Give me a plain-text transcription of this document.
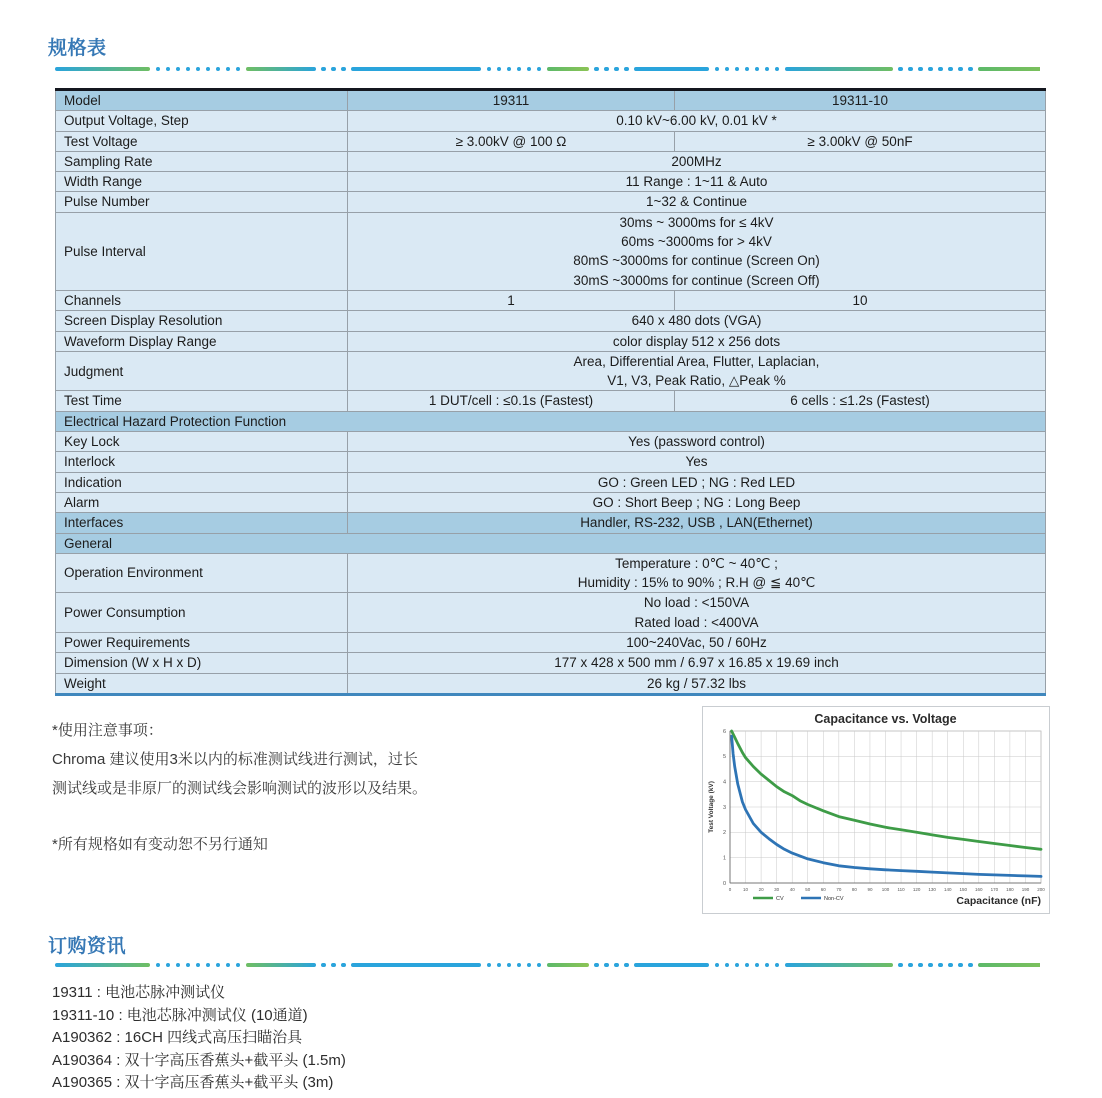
规格表
Model	19311	19311-10
Output Voltage, Step	0.10 kV~6.00 kV, 0.01 kV *	
Test Voltage	≥ 3.00kV @ 100 Ω	≥ 3.00kV @ 50nF
Sampling Rate	200MHz	
Width Range	11 Range : 1~11 & Auto	
Pulse Number	1~32 & Continue	
Pulse Interval	30ms ~ 3000ms for ≤ 4kV
60ms ~3000ms for > 4kV
80mS ~3000ms for continue (Screen On)
30mS ~3000ms for continue (Screen Off)	
Channels	1	10
Screen Display Resolution	640 x 480 dots (VGA)	
Waveform Display Range	color display 512 x 256 dots	
Judgment	Area, Differential Area, Flutter, Laplacian,
V1, V3, Peak Ratio, △Peak %	
Test Time	1 DUT/cell : ≤0.1s (Fastest)	6 cells : ≤1.2s (Fastest)
Electrical Hazard Protection Function		
Key Lock	Yes (password control)	
Interlock	Yes	
Indication	GO : Green LED ; NG : Red LED	
Alarm	GO : Short Beep ; NG : Long Beep	
Interfaces	Handler, RS-232, USB , LAN(Ethernet)	
General		
Operation Environment	Temperature : 0℃ ~ 40℃ ;
Humidity : 15% to 90% ; R.H @ ≦ 40℃	
Power Consumption	No load : <150VA
Rated load : <400VA	
Power Requirements	100~240Vac, 50 / 60Hz	
Dimension (W x H x D)	177 x 428 x 500 mm / 6.97 x 16.85 x 19.69 inch	
Weight	26 kg / 57.32 lbs	
*使用注意事项：
Chroma 建议使用3米以内的标准测试线进行测试，过长
测试线或是非原厂的测试线会影响测试的波形以及结果。
*所有规格如有变动恕不另行通知
Capacitance vs. Voltage
0	10 20 30 40 50 60 70 80 90 100 110 120 130 140 150 160 170 180 190 200
0
1
2
3
4
5
6
Test Voltage (kV)
Capacitance (nF)
CV	Non-CV
订购资讯
19311 : 电池芯脉冲测试仪
19311-10 : 电池芯脉冲测试仪 (10通道)
A190362 : 16CH 四线式高压扫瞄治具
A190364 : 双十字高压香蕉头+截平头 (1.5m)
A190365 : 双十字高压香蕉头+截平头 (3m)
